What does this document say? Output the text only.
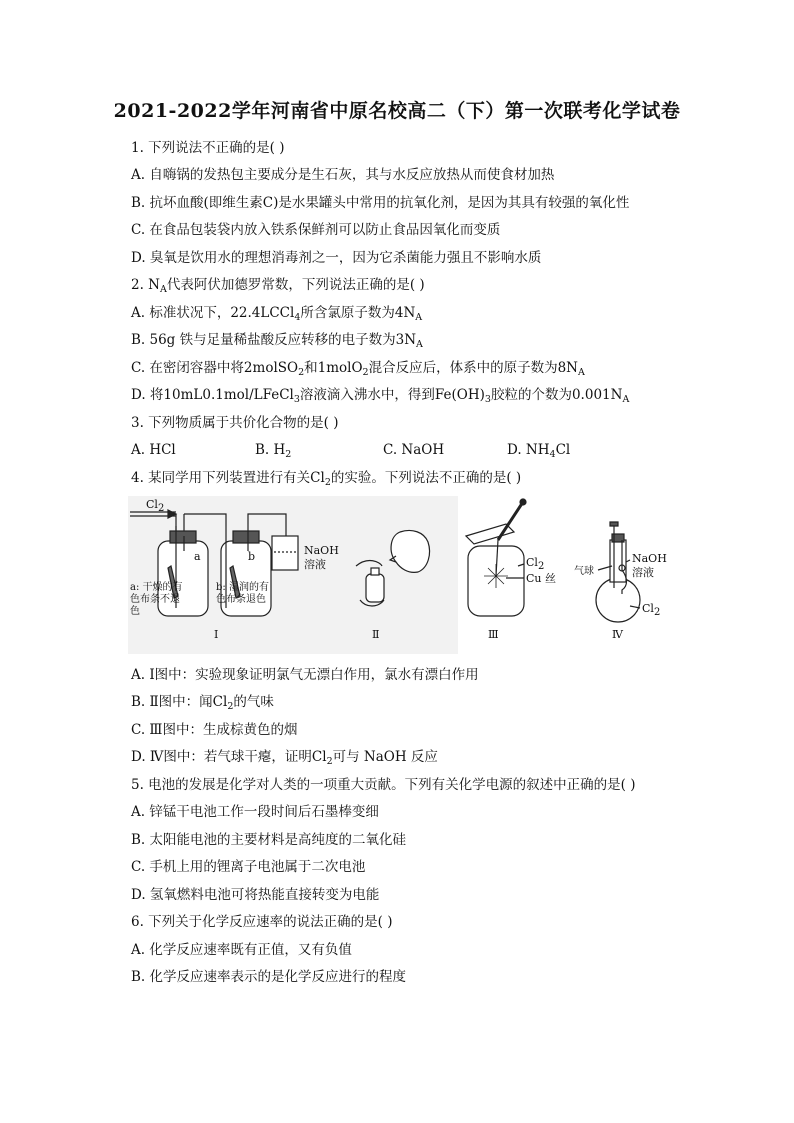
2021-2022学年河南省中原名校高二（下）第一次联考化学试卷
1. 下列说法不正确的是( )
A. 自嗨锅的发热包主要成分是生石灰，其与水反应放热从而使食材加热
B. 抗坏血酸(即维生素C)是水果罐头中常用的抗氧化剂，是因为其具有较强的氧化性
C. 在食品包装袋内放入铁系保鲜剂可以防止食品因氧化而变质
D. 臭氧是饮用水的理想消毒剂之一，因为它杀菌能力强且不影响水质
2. $N_A$代表阿伏加德罗常数，下列说法正确的是( )
A. 标准状况下，22.4LCCl$_4$所含氯原子数为$4N_A$
B. 56g 铁与足量稀盐酸反应转移的电子数为$3N_A$
C. 在密闭容器中将2molSO$_2$和1molO$_2$混合反应后，体系中的原子数为$8N_A$
D. 将10mL0.1mol/LFeCl$_3$溶液滴入沸水中，得到$Fe(OH)_3$胶粒的个数为$0.001N_A$
3. 下列物质属于共价化合物的是( )
A. HCl	B. $H_2$	C. NaOH	D. $NH_4Cl$
4. 某同学用下列装置进行有关$Cl_2$的实验。下列说法不正确的是( )
Cl2
a	b	NaOH
溶液
a: 干燥的有
色布条不退
色
b: 湿润的有
色布条退色
Ⅰ	Ⅱ
Cl2
Cu 丝
Ⅲ
气球
NaOH
溶液
Cl2
Ⅳ
A. Ⅰ图中：实验现象证明氯气无漂白作用，氯水有漂白作用
B. Ⅱ图中：闻$Cl_2$的气味
C. Ⅲ图中：生成棕黄色的烟
D. Ⅳ图中：若气球干瘪，证明$Cl_2$可与 NaOH 反应
5. 电池的发展是化学对人类的一项重大贡献。下列有关化学电源的叙述中正确的是( )
A. 锌锰干电池工作一段时间后石墨棒变细
B. 太阳能电池的主要材料是高纯度的二氧化硅
C. 手机上用的锂离子电池属于二次电池
D. 氢氧燃料电池可将热能直接转变为电能
6. 下列关于化学反应速率的说法正确的是( )
A. 化学反应速率既有正值，又有负值
B. 化学反应速率表示的是化学反应进行的程度
